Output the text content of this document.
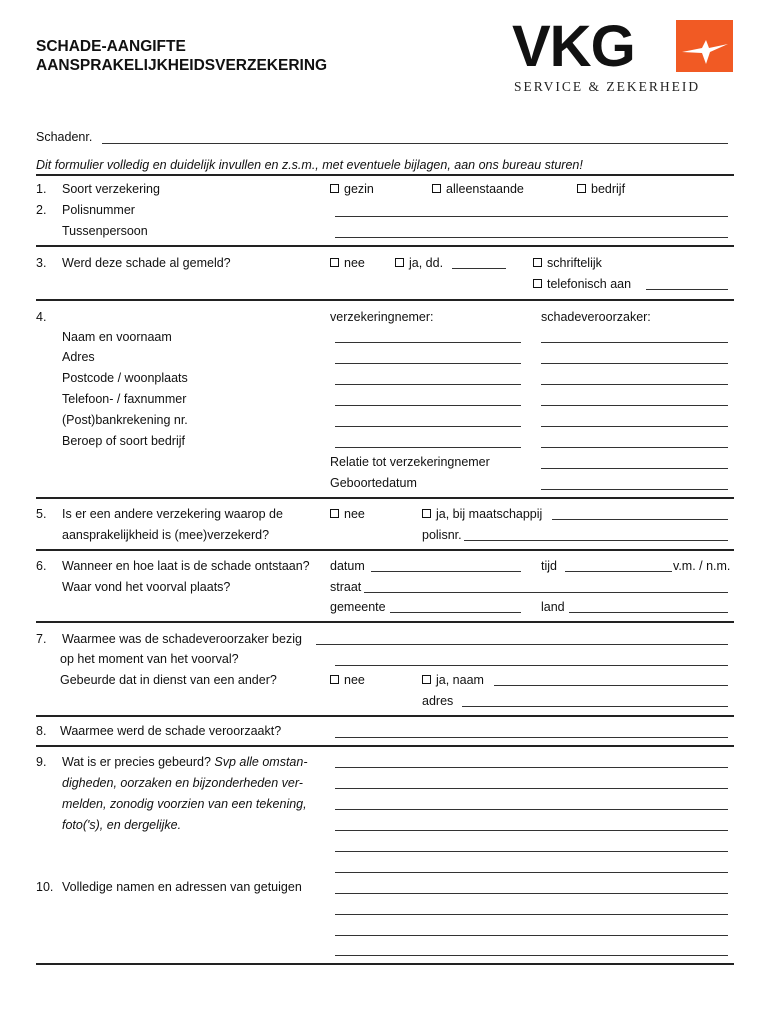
SCHADE-AANGIFTE
AANSPRAKELIJKHEIDSVERZEKERING	VKG
SERVICE & ZEKERHEID
Schadenr.
Dit formulier volledig en duidelijk invullen en z.s.m., met eventuele bijlagen, aan ons bureau sturen!
1. Soort verzekering	gezin	alleenstaande	bedrijf
2. Polisnummer
Tussenpersoon
3. Werd deze schade al gemeld?	nee	ja, dd.	schriftelijk
telefonisch aan
4.	verzekeringnemer:	schadeveroorzaker:
Naam en voornaam
Adres
Postcode / woonplaats
Telefoon- / faxnummer
(Post)bankrekening nr.
Beroep of soort bedrijf
Relatie tot verzekeringnemer
Geboortedatum
5. Is er een andere verzekering waarop de
aansprakelijkheid is (mee)verzekerd?
nee	ja, bij maatschappij
polisnr.
6. Wanneer en hoe laat is de schade ontstaan?
Waar vond het voorval plaats?
datum	tijd	v.m. / n.m.
straat
gemeente	land
7. Waarmee was de schadeveroorzaker bezig
op het moment van het voorval?
Gebeurde dat in dienst van een ander?	nee	ja, naam
adres
8. Waarmee werd de schade veroorzaakt?
9. Wat is er precies gebeurd? Svp alle omstan-
digheden, oorzaken en bijzonderheden ver-
melden, zonodig voorzien van een tekening,
foto('s), en dergelijke.
10. Volledige namen en adressen van getuigen
